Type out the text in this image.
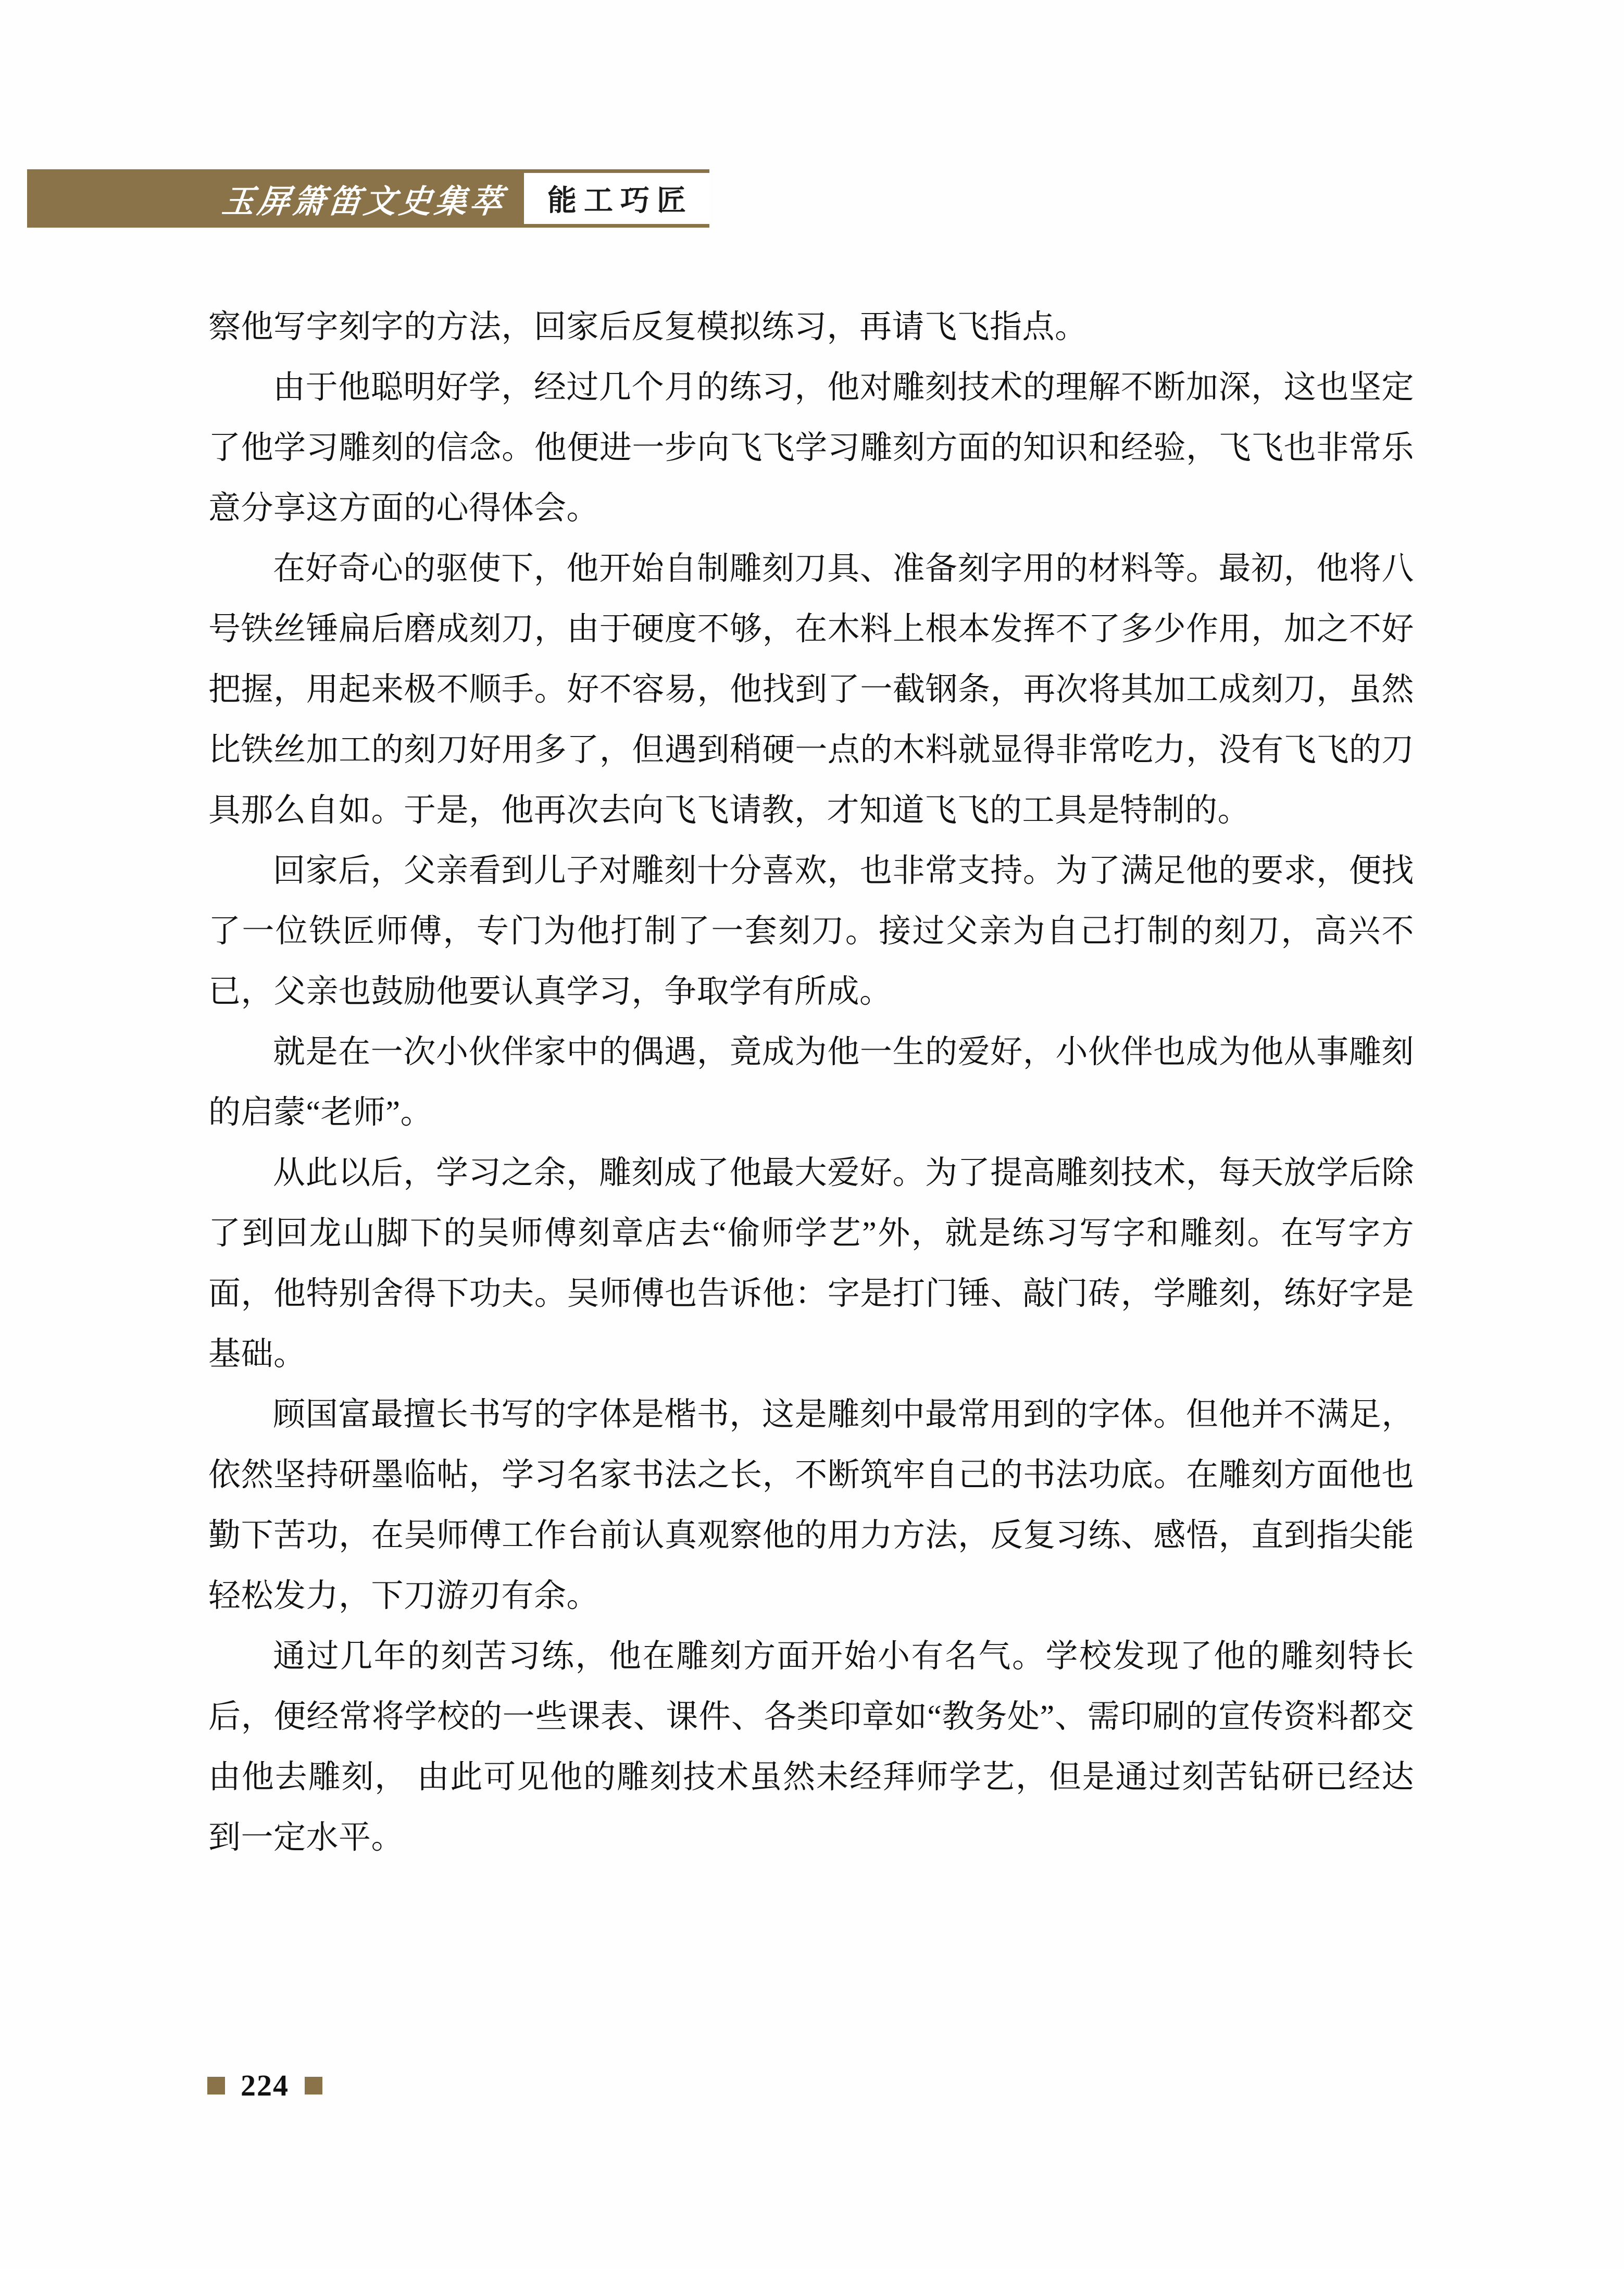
玉屏箫笛文史集萃 能工巧匠

察他写字刻字的方法，回家后反复模拟练习，再请飞飞指点。

由于他聪明好学，经过几个月的练习，他对雕刻技术的理解不断加深，这也坚定了他学习雕刻的信念。他便进一步向飞飞学习雕刻方面的知识和经验，飞飞也非常乐意分享这方面的心得体会。

在好奇心的驱使下，他开始自制雕刻刀具、准备刻字用的材料等。最初，他将八号铁丝锤扁后磨成刻刀，由于硬度不够，在木料上根本发挥不了多少作用，加之不好把握，用起来极不顺手。好不容易，他找到了一截钢条，再次将其加工成刻刀，虽然比铁丝加工的刻刀好用多了，但遇到稍硬一点的木料就显得非常吃力，没有飞飞的刀具那么自如。于是，他再次去向飞飞请教，才知道飞飞的工具是特制的。

回家后，父亲看到儿子对雕刻十分喜欢，也非常支持。为了满足他的要求，便找了一位铁匠师傅，专门为他打制了一套刻刀。接过父亲为自己打制的刻刀，高兴不已，父亲也鼓励他要认真学习，争取学有所成。

就是在一次小伙伴家中的偶遇，竟成为他一生的爱好，小伙伴也成为他从事雕刻的启蒙“老师”。

从此以后，学习之余，雕刻成了他最大爱好。为了提高雕刻技术，每天放学后除了到回龙山脚下的吴师傅刻章店去“偷师学艺”外，就是练习写字和雕刻。在写字方面，他特别舍得下功夫。吴师傅也告诉他：字是打门锤、敲门砖，学雕刻，练好字是基础。

顾国富最擅长书写的字体是楷书，这是雕刻中最常用到的字体。但他并不满足，依然坚持研墨临帖，学习名家书法之长，不断筑牢自己的书法功底。在雕刻方面他也勤下苦功，在吴师傅工作台前认真观察他的用力方法，反复习练、感悟，直到指尖能轻松发力，下刀游刃有余。

通过几年的刻苦习练，他在雕刻方面开始小有名气。学校发现了他的雕刻特长后，便经常将学校的一些课表、课件、各类印章如“教务处”、需印刷的宣传资料都交由他去雕刻， 由此可见他的雕刻技术虽然未经拜师学艺，但是通过刻苦钻研已经达到一定水平。

224
